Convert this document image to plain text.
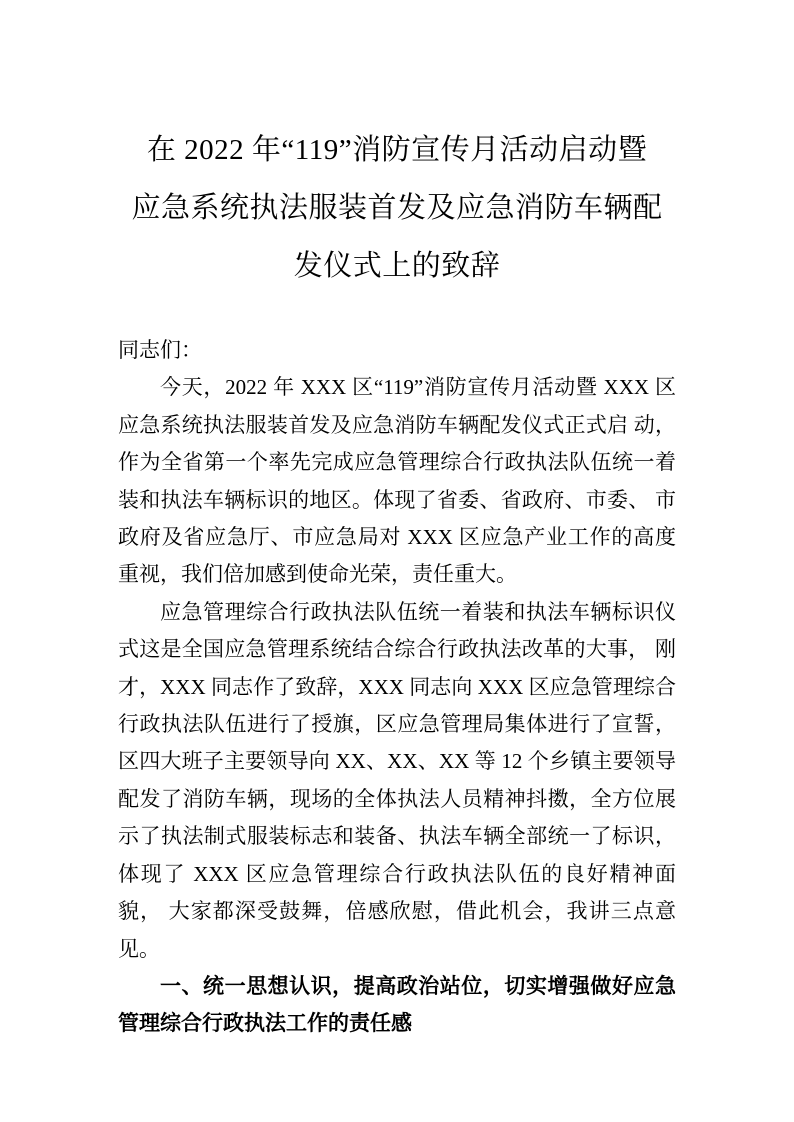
在 2022 年“119”消防宣传月活动启动暨
应急系统执法服装首发及应急消防车辆配
发仪式上的致辞

同志们：

今天，2022 年 XXX 区“119”消防宣传月活动暨 XXX 区应急系统执法服装首发及应急消防车辆配发仪式正式启 动，作为全省第一个率先完成应急管理综合行政执法队伍统一着装和执法车辆标识的地区。体现了省委、省政府、市委、 市政府及省应急厅、市应急局对 XXX 区应急产业工作的高度重视，我们倍加感到使命光荣，责任重大。

应急管理综合行政执法队伍统一着装和执法车辆标识仪式这是全国应急管理系统结合综合行政执法改革的大事， 刚才，XXX 同志作了致辞，XXX 同志向 XXX 区应急管理综合行政执法队伍进行了授旗，区应急管理局集体进行了宣誓，区四大班子主要领导向 XX、XX、XX 等 12 个乡镇主要领导配发了消防车辆，现场的全体执法人员精神抖擞，全方位展示了执法制式服装标志和装备、执法车辆全部统一了标识， 体现了 XXX 区应急管理综合行政执法队伍的良好精神面貌， 大家都深受鼓舞，倍感欣慰，借此机会，我讲三点意见。

一、统一思想认识，提高政治站位，切实增强做好应急管理综合行政执法工作的责任感
